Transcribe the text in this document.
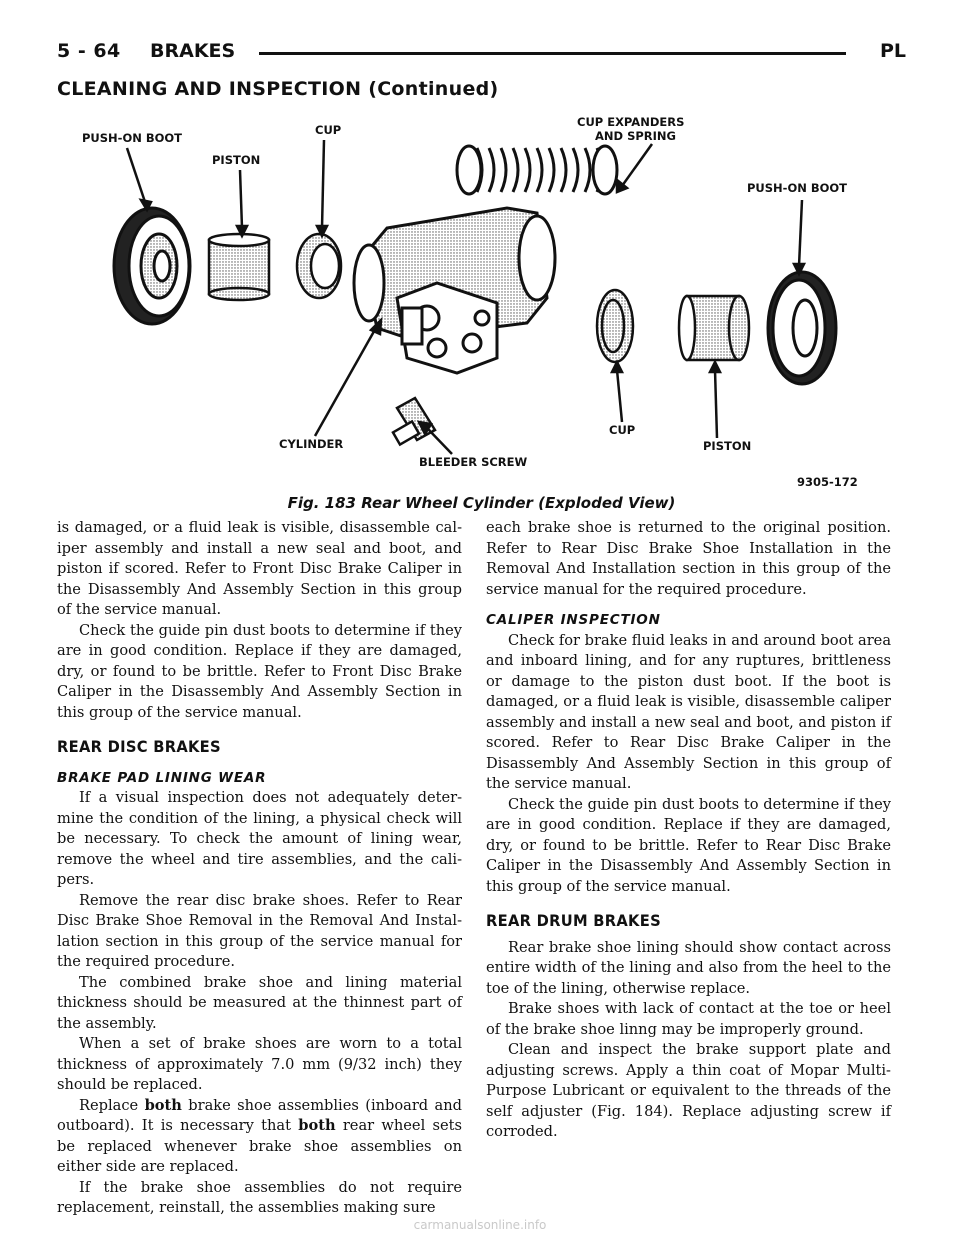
5 - 64 BRAKES	PL
CLEANING AND INSPECTION (Continued)
PUSH-ON BOOT
PISTON
CUP
CUP EXPANDERS
AND SPRING
PUSH-ON BOOT
CYLINDER
BLEEDER SCREW
CUP
PISTON
9305-172
Fig. 183 Rear Wheel Cylinder (Exploded View)

is damaged, or a fluid leak is visible, disassemble caliper assembly and install a new seal and boot, and piston if scored. Refer to Front Disc Brake Caliper in the Disassembly And Assembly Section in this group of the service manual.

Check the guide pin dust boots to determine if they are in good condition. Replace if they are damaged, dry, or found to be brittle. Refer to Front Disc Brake Caliper in the Disassembly And Assembly Section in this group of the service manual.

REAR DISC BRAKES
BRAKE PAD LINING WEAR

If a visual inspection does not adequately determine the condition of the lining, a physical check will be necessary. To check the amount of lining wear, remove the wheel and tire assemblies, and the calipers.

Remove the rear disc brake shoes. Refer to Rear Disc Brake Shoe Removal in the Removal And Installation section in this group of the service manual for the required procedure.

The combined brake shoe and lining material thickness should be measured at the thinnest part of the assembly.

When a set of brake shoes are worn to a total thickness of approximately 7.0 mm (9/32 inch) they should be replaced.

Replace both brake shoe assemblies (inboard and outboard). It is necessary that both rear wheel sets be replaced whenever brake shoe assemblies on either side are replaced.

If the brake shoe assemblies do not require replacement, reinstall, the assemblies making sure

each brake shoe is returned to the original position. Refer to Rear Disc Brake Shoe Installation in the Removal And Installation section in this group of the service manual for the required procedure.

CALIPER INSPECTION

Check for brake fluid leaks in and around boot area and inboard lining, and for any ruptures, brittleness or damage to the piston dust boot. If the boot is damaged, or a fluid leak is visible, disassemble caliper assembly and install a new seal and boot, and piston if scored. Refer to Rear Disc Brake Caliper in the Disassembly And Assembly Section in this group of the service manual.

Check the guide pin dust boots to determine if they are in good condition. Replace if they are damaged, dry, or found to be brittle. Refer to Rear Disc Brake Caliper in the Disassembly And Assembly Section in this group of the service manual.

REAR DRUM BRAKES

Rear brake shoe lining should show contact across entire width of the lining and also from the heel to the toe of the lining, otherwise replace.

Brake shoes with lack of contact at the toe or heel of the brake shoe linng may be improperly ground.

Clean and inspect the brake support plate and adjusting screws. Apply a thin coat of Mopar Multi-Purpose Lubricant or equivalent to the threads of the self adjuster (Fig. 184). Replace adjusting screw if corroded.

carmanualsonline.info
